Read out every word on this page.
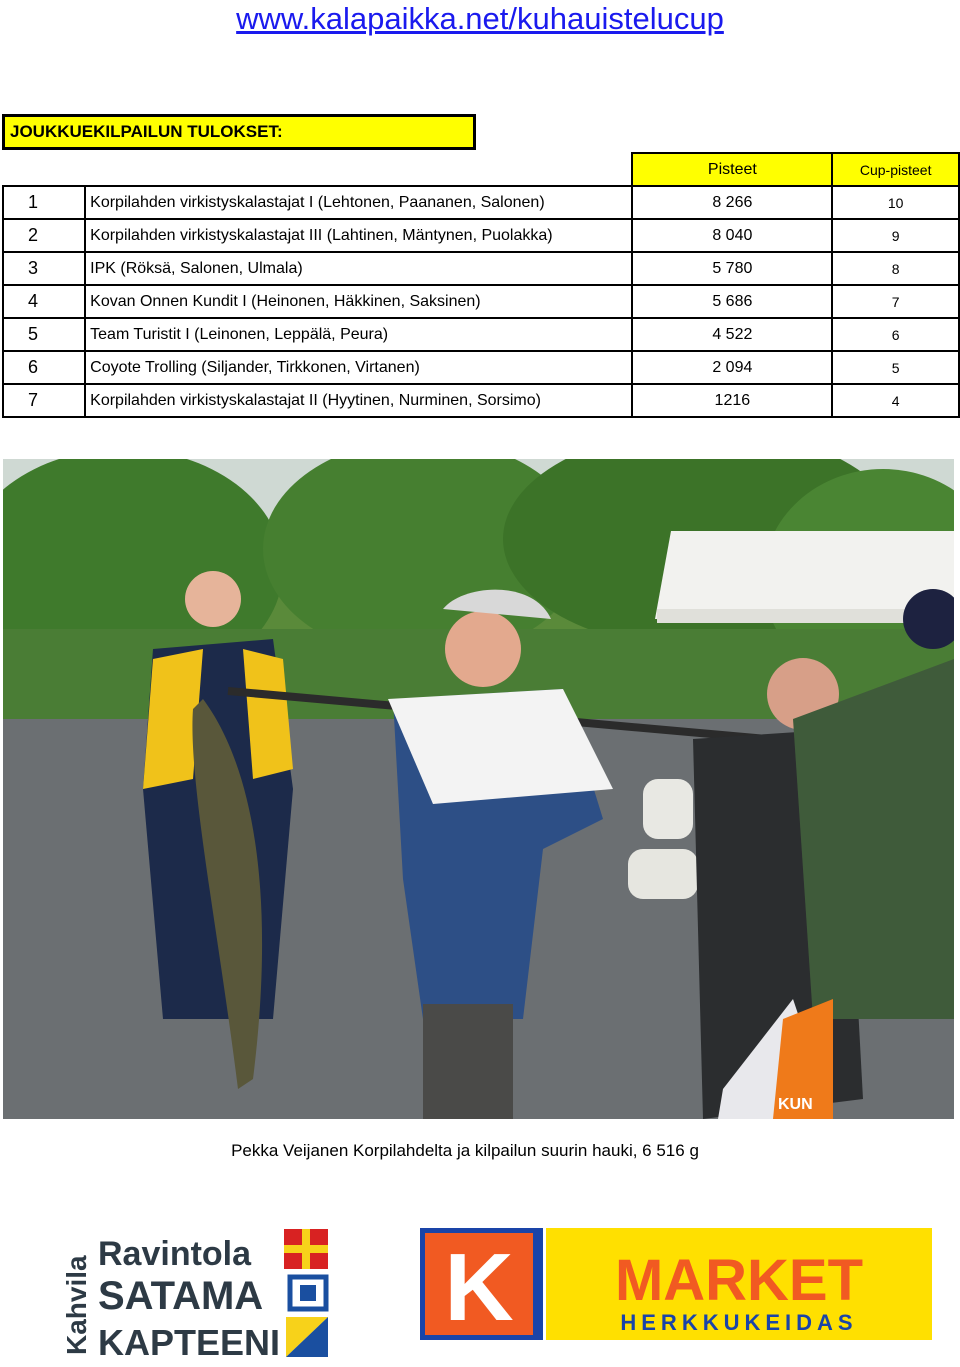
www.kalapaikka.net/kuhauistelucup
JOUKKUEKILPAILUN TULOKSET:
		Pisteet	Cup-pisteet
1	Korpilahden virkistyskalastajat I (Lehtonen, Paananen, Salonen)	8 266	10
2	Korpilahden virkistyskalastajat III (Lahtinen, Mäntynen, Puolakka)	8 040	9
3	IPK (Röksä, Salonen, Ulmala)	5 780	8
4	Kovan Onnen Kundit I (Heinonen, Häkkinen, Saksinen)	5 686	7
5	Team Turistit I (Leinonen, Leppälä, Peura)	4 522	6
6	Coyote Trolling (Siljander, Tirkkonen, Virtanen)	2 094	5
7	Korpilahden virkistyskalastajat II (Hyytinen, Nurminen, Sorsimo)	1216	4
KUN
Pekka Veijanen Korpilahdelta ja kilpailun suurin hauki, 6 516 g
Kahvila
Ravintola
SATAMA
KAPTEENI
K MARKET
HERKKUKEIDAS
